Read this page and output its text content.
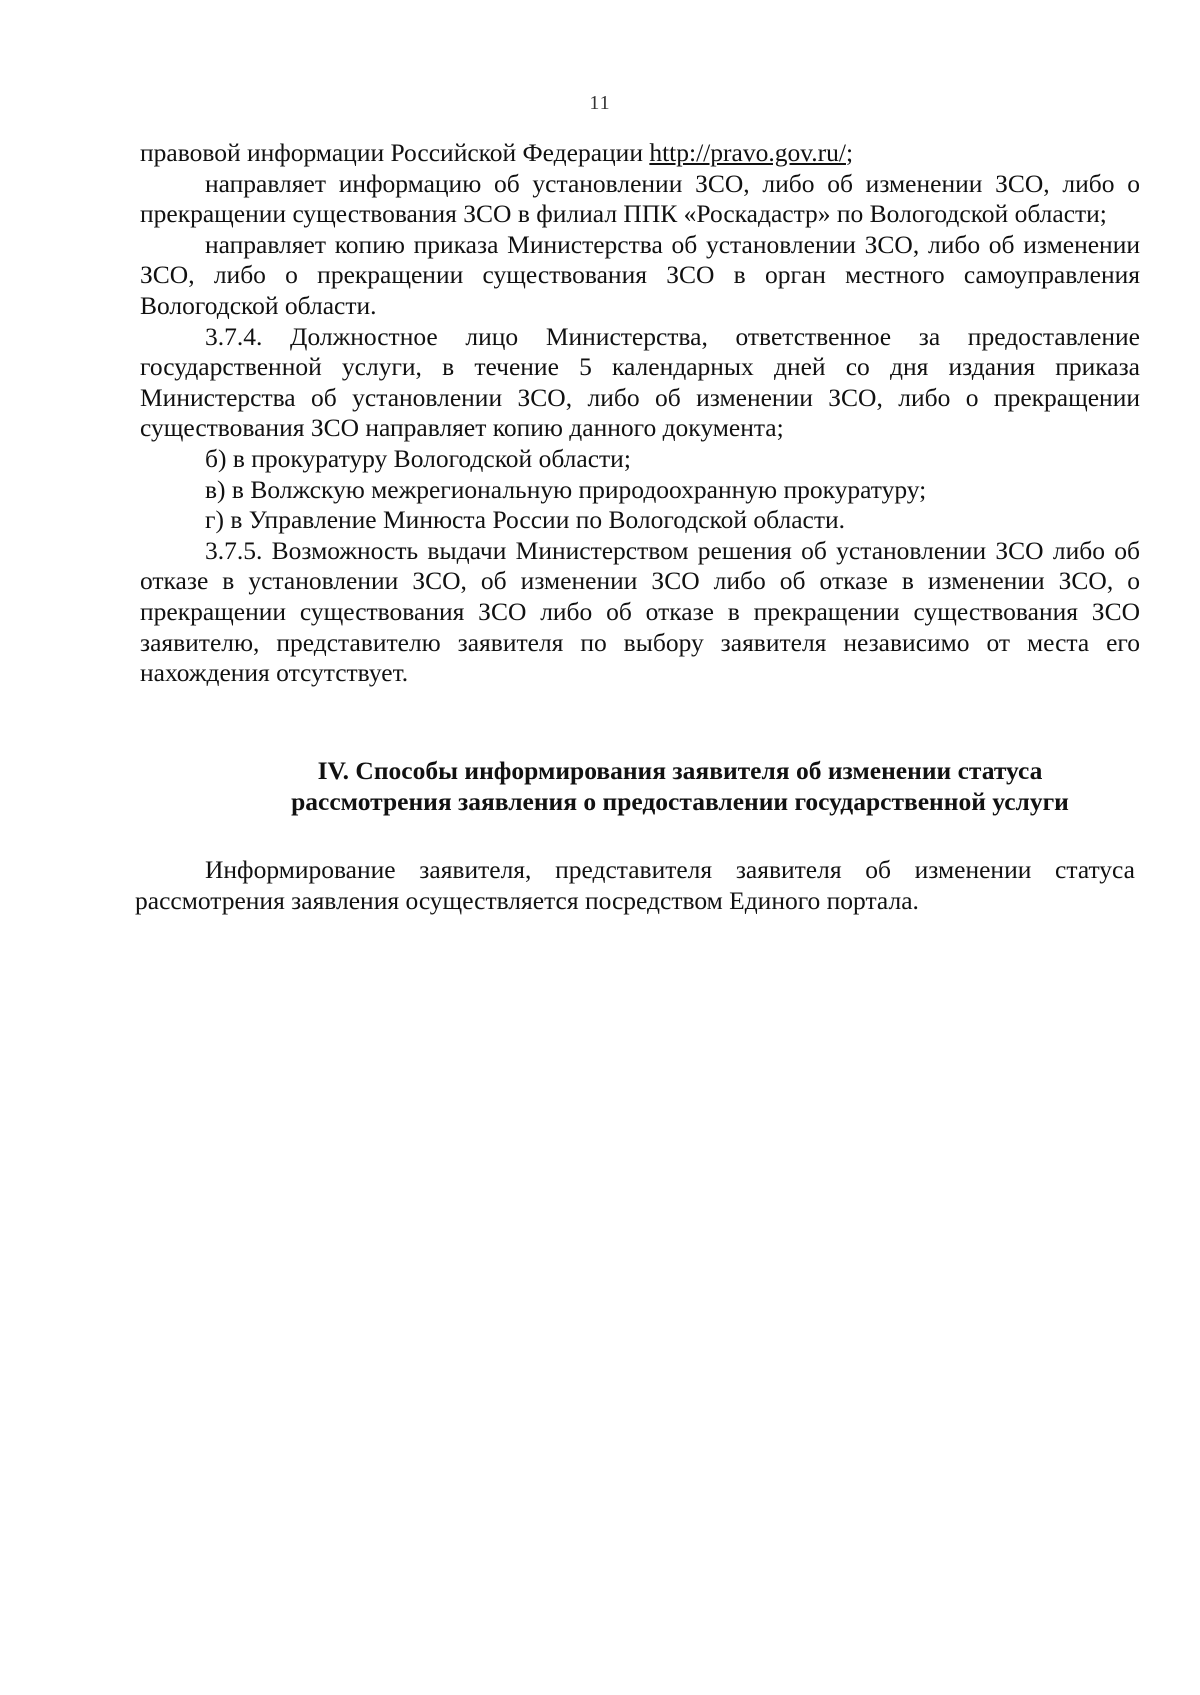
11

правовой информации Российской Федерации http://pravo.gov.ru/;

направляет информацию об установлении ЗСО, либо об изменении ЗСО, либо о прекращении существования ЗСО в филиал ППК «Роскадастр» по Вологодской области;

направляет копию приказа Министерства об установлении ЗСО, либо об изменении ЗСО, либо о прекращении существования ЗСО в орган местного самоуправления Вологодской области.

3.7.4. Должностное лицо Министерства, ответственное за предоставление государственной услуги, в течение 5 календарных дней со дня издания приказа Министерства об установлении ЗСО, либо об изменении ЗСО, либо о прекращении существования ЗСО направляет копию данного документа;

б) в прокуратуру Вологодской области;

в) в Волжскую межрегиональную природоохранную прокуратуру;

г) в Управление Минюста России по Вологодской области.

3.7.5. Возможность выдачи Министерством решения об установлении ЗСО либо об отказе в установлении ЗСО, об изменении ЗСО либо об отказе в изменении ЗСО, о прекращении существования ЗСО либо об отказе в прекращении существования ЗСО заявителю, представителю заявителя по выбору заявителя независимо от места его нахождения отсутствует.

IV. Способы информирования заявителя об изменении статуса
рассмотрения заявления о предоставлении государственной услуги

Информирование заявителя, представителя заявителя об изменении статуса рассмотрения заявления осуществляется посредством Единого портала.
